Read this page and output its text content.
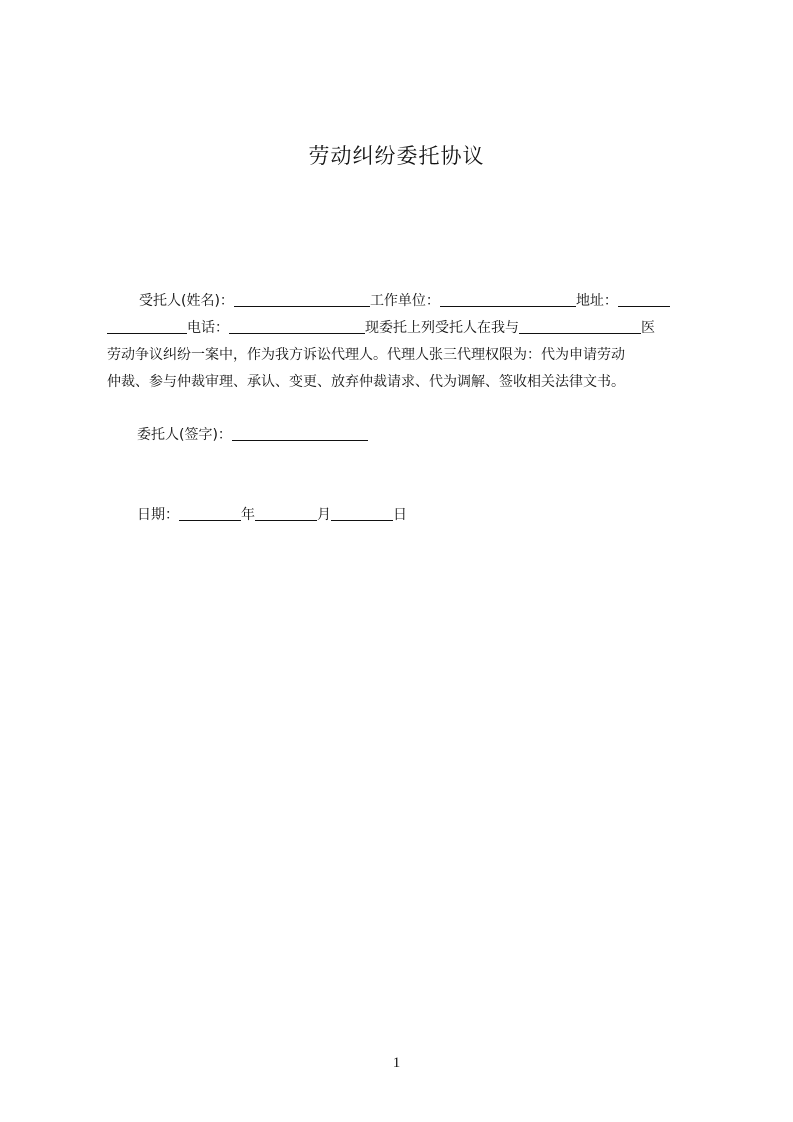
劳动纠纷委托协议
受托人(姓名)：	工作单位：	地址：
电话：	现委托上列受托人在我与	医
劳动争议纠纷一案中，作为我方诉讼代理人。代理人张三代理权限为：代为申请劳动
仲裁、参与仲裁审理、承认、变更、放弃仲裁请求、代为调解、签收相关法律文书。
委托人(签字)：
日期：	年	月	日
1
